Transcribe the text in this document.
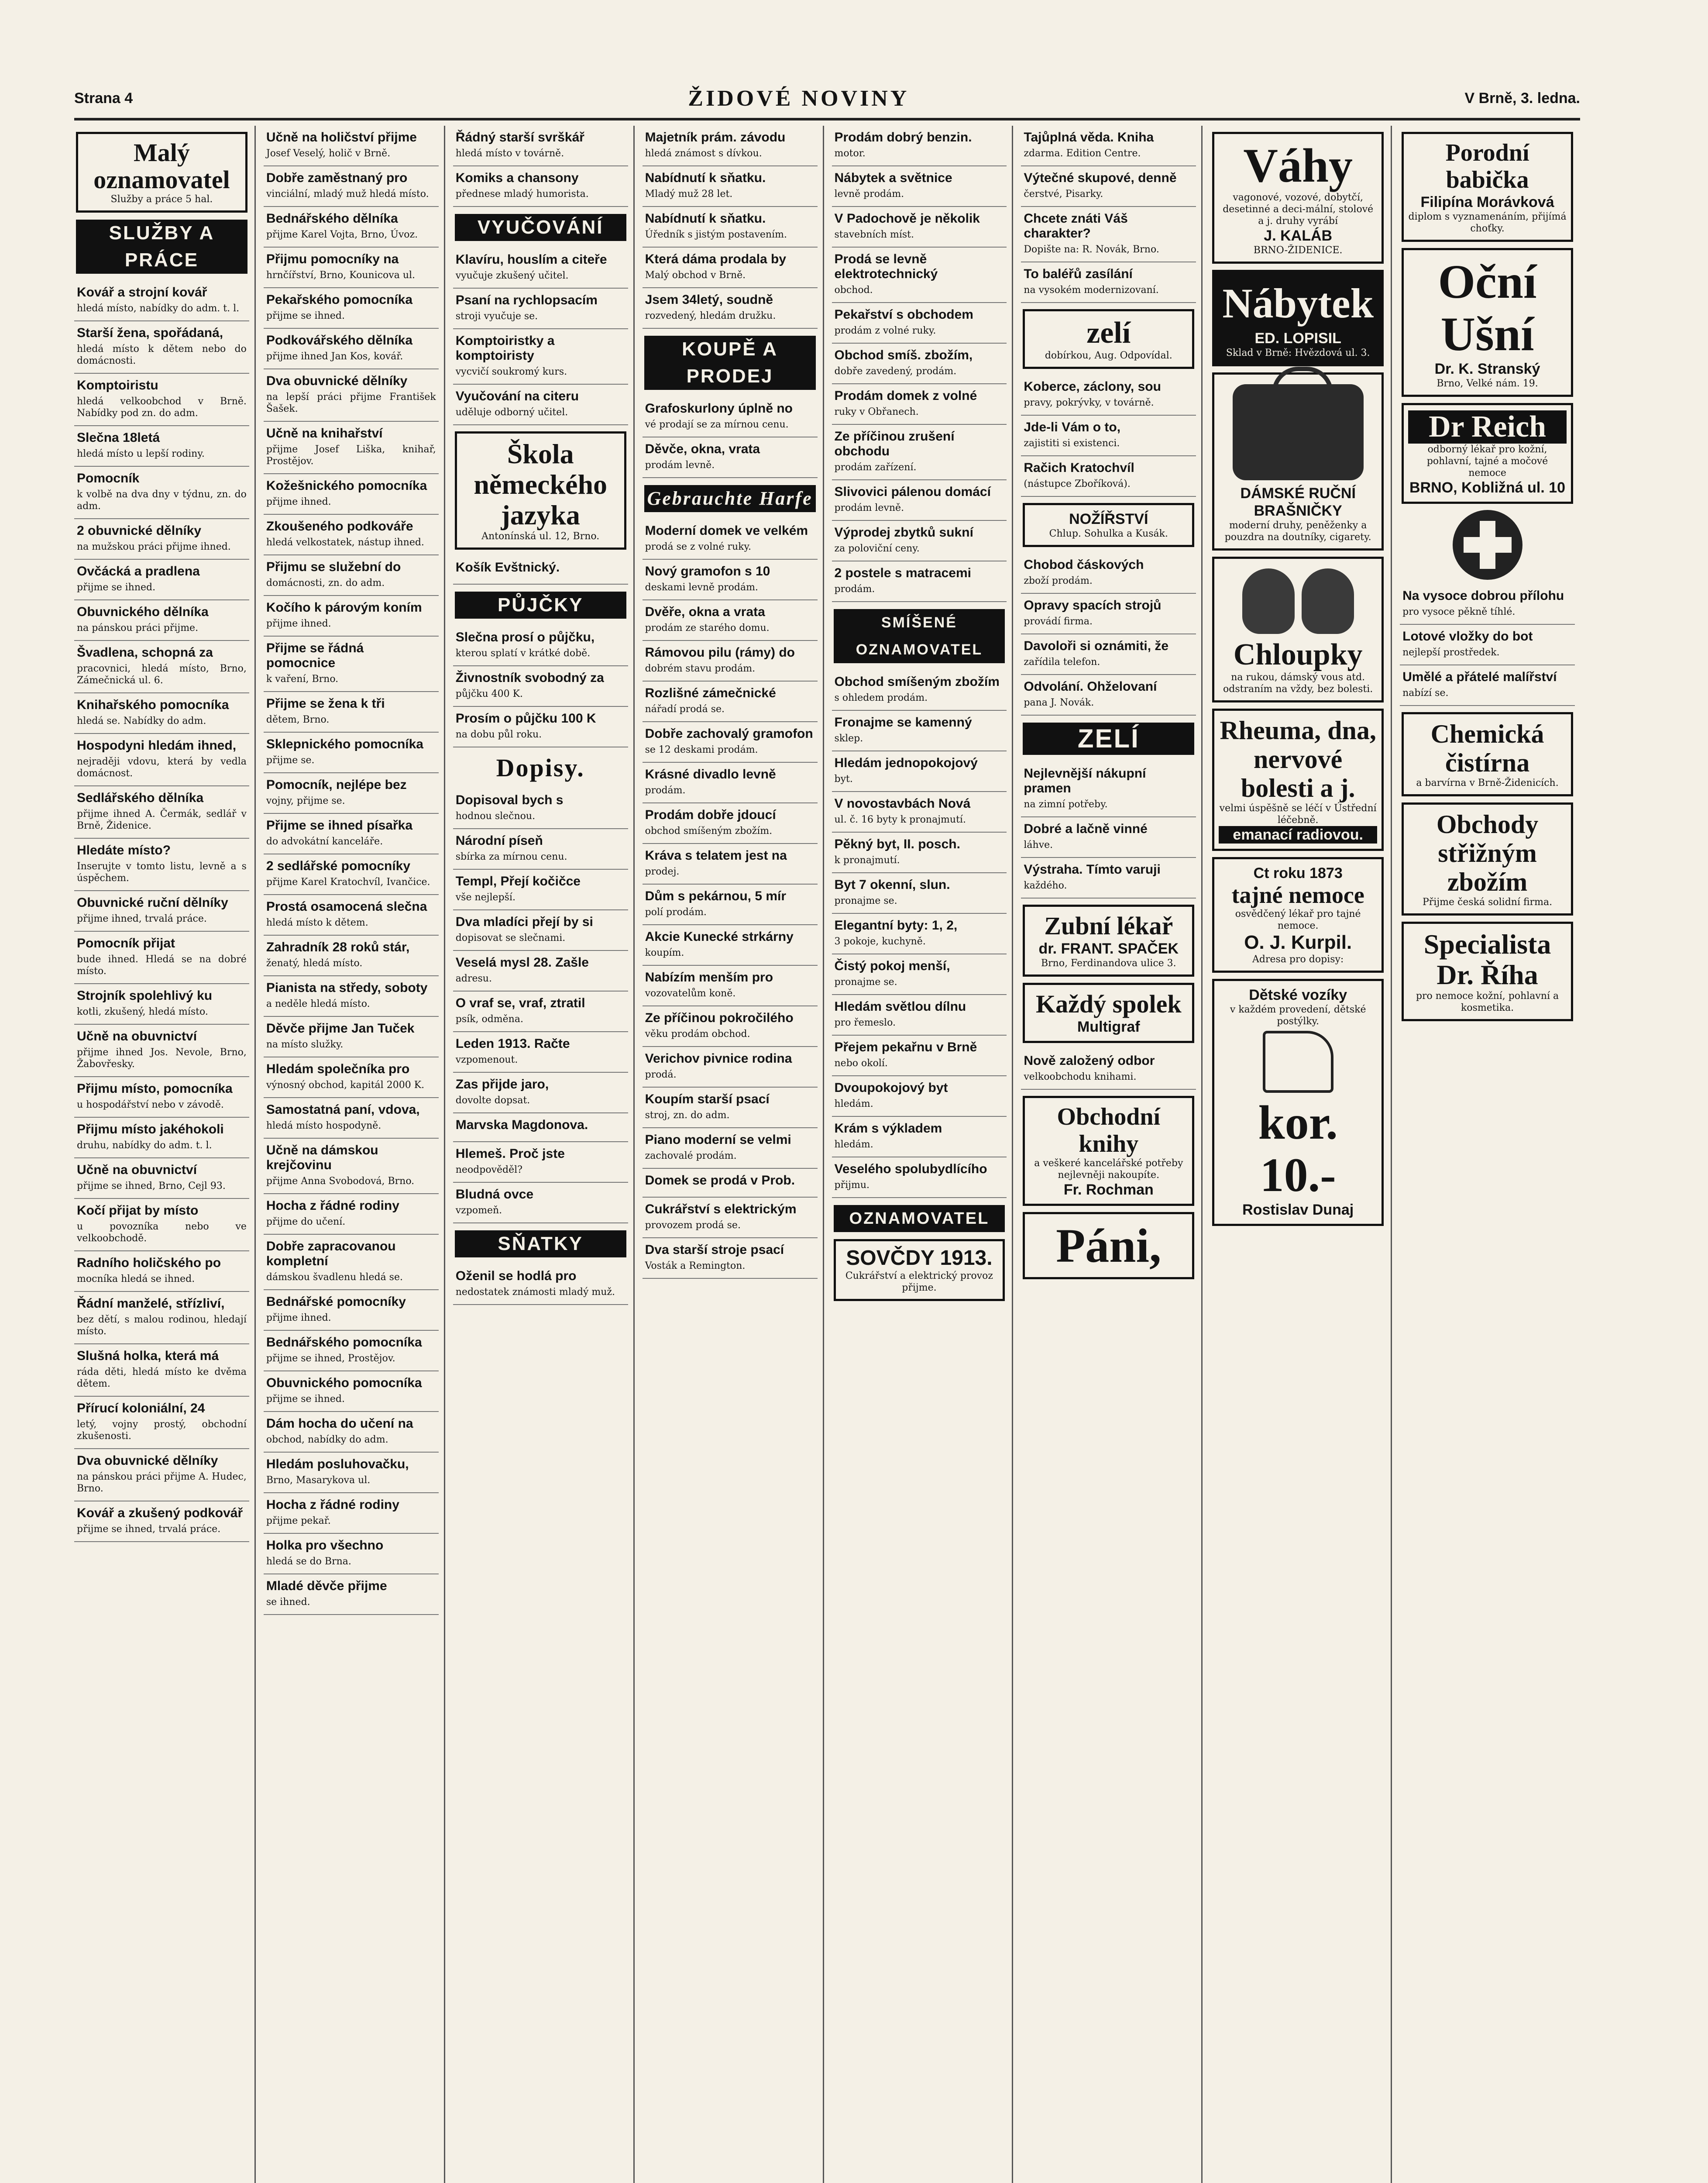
Strana 4	ŽIDOVÉ NOVINY	V Brně, 3. ledna.
Malý oznamovatel
Služby a práce 5 hal.
SLUŽBY A PRÁCE
Kovář a strojní kovář
hledá místo, nabídky do adm. t. l.
Starší žena, spořádaná,
hledá místo k dětem nebo do domácnosti.
Komptoiristu
hledá velkoobchod v Brně. Nabídky pod zn. do adm.
Slečna 18letá
hledá místo u lepší rodiny.
Pomocník
k volbě na dva dny v týdnu, zn. do adm.
2 obuvnické dělníky
na mužskou práci přijme ihned.
Ovčácká a pradlena
přijme se ihned.
Obuvnického dělníka
na pánskou práci přijme.
Švadlena, schopná za
pracovnici, hledá místo, Brno, Zámečnická ul. 6.
Knihařského pomocníka
hledá se. Nabídky do adm.
Hospodyni hledám ihned,
nejraději vdovu, která by vedla domácnost.
Sedlářského dělníka
přijme ihned A. Čermák, sedlář v Brně, Židenice.
Hledáte místo?
Inserujte v tomto listu, levně a s úspěchem.
Obuvnické ruční dělníky
přijme ihned, trvalá práce.
Pomocník přijat
bude ihned. Hledá se na dobré místo.
Strojník spolehlivý ku
kotli, zkušený, hledá místo.
Učně na obuvnictví
přijme ihned Jos. Nevole, Brno, Žabovřesky.
Přijmu místo, pomocníka
u hospodářství nebo v závodě.
Přijmu místo jakéhokoli
druhu, nabídky do adm. t. l.
Učně na obuvnictví
přijme se ihned, Brno, Cejl 93.
Kočí přijat by místo
u povozníka nebo ve velkoobchodě.
Radního holičského po
mocníka hledá se ihned.
Řádní manželé, střízliví,
bez dětí, s malou rodinou, hledají místo.
Slušná holka, která má
ráda děti, hledá místo ke dvěma dětem.
Přírucí koloniální, 24
letý, vojny prostý, obchodní zkušenosti.
Dva obuvnické dělníky
na pánskou práci přijme A. Hudec, Brno.
Kovář a zkušený podkovář
přijme se ihned, trvalá práce.
Učně na holičství přijme
Josef Veselý, holič v Brně.
Dobře zaměstnaný pro
vinciální, mladý muž hledá místo.
Bednářského dělníka
přijme Karel Vojta, Brno, Úvoz.
Přijmu pomocníky na
hrnčířství, Brno, Kounicova ul.
Pekařského pomocníka
přijme se ihned.
Podkovářského dělníka
přijme ihned Jan Kos, kovář.
Dva obuvnické dělníky
na lepší práci přijme František Šašek.
Učně na knihařství
přijme Josef Liška, knihař, Prostějov.
Kožešnického pomocníka
přijme ihned.
Zkoušeného podkováře
hledá velkostatek, nástup ihned.
Přijmu se služební do
domácnosti, zn. do adm.
Kočího k párovým koním
přijme ihned.
Přijme se řádná pomocnice
k vaření, Brno.
Přijme se žena k tři
dětem, Brno.
Sklepnického pomocníka
přijme se.
Pomocník, nejlépe bez
vojny, přijme se.
Přijme se ihned písařka
do advokátní kanceláře.
2 sedlářské pomocníky
přijme Karel Kratochvíl, Ivančice.
Prostá osamocená slečna
hledá místo k dětem.
Zahradník 28 roků stár,
ženatý, hledá místo.
Pianista na středy, soboty
a neděle hledá místo.
Děvče přijme Jan Tuček
na místo služky.
Hledám společníka pro
výnosný obchod, kapitál 2000 K.
Samostatná paní, vdova,
hledá místo hospodyně.
Učně na dámskou krejčovinu
přijme Anna Svobodová, Brno.
Hocha z řádné rodiny
přijme do učení.
Dobře zapracovanou kompletní
dámskou švadlenu hledá se.
Bednářské pomocníky
přijme ihned.
Bednářského pomocníka
přijme se ihned, Prostějov.
Obuvnického pomocníka
přijme se ihned.
Dám hocha do učení na
obchod, nabídky do adm.
Hledám posluhovačku,
Brno, Masarykova ul.
Hocha z řádné rodiny
přijme pekař.
Holka pro všechno
hledá se do Brna.
Mladé děvče přijme
se ihned.
Řádný starší svrškář
hledá místo v továrně.
Komiks a chansony
přednese mladý humorista.
VYUČOVÁNÍ
Klavíru, houslím a citeře
vyučuje zkušený učitel.
Psaní na rychlopsacím
stroji vyučuje se.
Komptoiristky a komptoiristy
vycvičí soukromý kurs.
Vyučování na citeru
uděluje odborný učitel.
Škola německého jazyka
Antonínská ul. 12, Brno.
Košík Evštnický.
PŮJČKY
Slečna prosí o půjčku,
kterou splatí v krátké době.
Živnostník svobodný za
půjčku 400 K.
Prosím o půjčku 100 K
na dobu půl roku.
Dopisy.
Dopisoval bych s
hodnou slečnou.
Národní píseň
sbírka za mírnou cenu.
Templ, Přejí kočičce
vše nejlepší.
Dva mladíci přejí by si
dopisovat se slečnami.
Veselá mysl 28. Zašle
adresu.
O vraf se, vraf, ztratil
psík, odměna.
Leden 1913. Račte
vzpomenout.
Zas přijde jaro,
dovolte dopsat.
Marvska Magdonova.
Hlemeš. Proč jste
neodpověděl?
Bludná ovce
vzpomeň.
SŇATKY
Oženil se hodlá pro
nedostatek známosti mladý muž.
Majetník prám. závodu
hledá známost s dívkou.
Nabídnutí k sňatku.
Mladý muž 28 let.
Nabídnutí k sňatku.
Úředník s jistým postavením.
Která dáma prodala by
Malý obchod v Brně.
Jsem 34letý, soudně
rozvedený, hledám družku.
KOUPĚ A PRODEJ
Grafoskurlony úplně no
vé prodají se za mírnou cenu.
Děvče, okna, vrata
prodám levně.
Gebrauchte Harfe
Moderní domek ve velkém
prodá se z volné ruky.
Nový gramofon s 10
deskami levně prodám.
Dvěře, okna a vrata
prodám ze starého domu.
Rámovou pilu (rámy) do
dobrém stavu prodám.
Rozlišné zámečnické
nářadí prodá se.
Dobře zachovalý gramofon
se 12 deskami prodám.
Krásné divadlo levně
prodám.
Prodám dobře jdoucí
obchod smíšeným zbožím.
Kráva s telatem jest na
prodej.
Dům s pekárnou, 5 mír
polí prodám.
Akcie Kunecké strkárny
koupím.
Nabízím menším pro
vozovatelům koně.
Ze příčinou pokročilého
věku prodám obchod.
Verichov pivnice rodina
prodá.
Koupím starší psací
stroj, zn. do adm.
Piano moderní se velmi
zachovalé prodám.
Domek se prodá v Prob.
Cukrářství s elektrickým
provozem prodá se.
Dva starší stroje psací
Vosták a Remington.
Prodám dobrý benzin.
motor.
Nábytek a světnice
levně prodám.
V Padochově je několik
stavebních míst.
Prodá se levně elektrotechnický
obchod.
Pekařství s obchodem
prodám z volné ruky.
Obchod smíš. zbožím,
dobře zavedený, prodám.
Prodám domek z volné
ruky v Obřanech.
Ze příčinou zrušení obchodu
prodám zařízení.
Slivovici pálenou domácí
prodám levně.
Výprodej zbytků sukní
za poloviční ceny.
2 postele s matracemi
prodám.
SMÍŠENÉ OZNAMOVATEL
Obchod smíšeným zbožím
s ohledem prodám.
Fronajme se kamenný
sklep.
Hledám jednopokojový
byt.
V novostavbách Nová
ul. č. 16 byty k pronajmutí.
Pěkný byt, II. posch.
k pronajmutí.
Byt 7 okenní, slun.
pronajme se.
Elegantní byty: 1, 2,
3 pokoje, kuchyně.
Čistý pokoj menší,
pronajme se.
Hledám světlou dílnu
pro řemeslo.
Přejem pekařnu v Brně
nebo okolí.
Dvoupokojový byt
hledám.
Krám s výkladem
hledám.
Veselého spolubydlícího
přijmu.
OZNAMOVATEL
SOVČDY 1913.
Cukrářství a elektrický provoz přijme.
Tajůplná věda. Kniha
zdarma. Edition Centre.
Výtečné skupové, denně
čerstvé, Pisarky.
Chcete znáti Váš charakter?
Dopište na: R. Novák, Brno.
To baléřů zasílání
na vysokém modernizovaní.
zelí
dobírkou, Aug. Odpovídal.
Koberce, záclony, sou
pravy, pokrývky, v továrně.
Jde-li Vám o to,
zajistiti si existenci.
Račich Kratochvíl
(nástupce Zboříková).
NOŽÍŘSTVÍ
Chlup. Sohulka a Kusák.
Chobod čáskových
zboží prodám.
Opravy spacích strojů
provádí firma.
Davoloři si oznámiti, že
zařídila telefon.
Odvolání. Ohželovaní
pana J. Novák.
ZELÍ
Nejlevnější nákupní pramen
na zimní potřeby.
Dobré a lačně vinné
láhve.
Výstraha. Tímto varuji
každého.
Zubní lékař
dr. FRANT. SPAČEK
Brno, Ferdinandova ulice 3.
Každý spolek
Multigraf
Nově založený odbor
velkoobchodu knihami.
Obchodní knihy
a veškeré kancelářské potřeby nejlevněji nakoupíte.
Fr. Rochman
Páni,
Váhy
vagonové, vozové, dobytčí, desetinné a deci-mální, stolové a j. druhy vyrábí
J. KALÁB
BRNO-ŽIDENICE.
Nábytek
ED. LOPISIL
Sklad v Brně: Hvězdová ul. 3.
DÁMSKÉ RUČNÍ BRAŠNIČKY
moderní druhy, peněženky a pouzdra na doutníky, cigarety.
Chloupky
na rukou, dámský vous atd. odstraním na vždy, bez bolesti.
Rheuma, dna, nervové bolesti a j.
velmi úspěšně se léčí v Ústřední léčebně.
emanací radiovou.
Ct roku 1873
tajné nemoce
osvědčený lékař pro tajné nemoce.
O. J. Kurpil.
Adresa pro dopisy:
Dětské vozíky
v každém provedení, dětské postýlky.
kor. 10.-
Rostislav Dunaj
Porodní babička
Filipína Morávková
diplom s vyznamenáním, přijímá choťky.
Oční Ušní
Dr. K. Stranský
Brno, Velké nám. 19.
Dr Reich
odborný lékař pro kožní, pohlavní, tajné a močové nemoce
BRNO, Kobližná ul. 10
Na vysoce dobrou přílohu
pro vysoce pěkně tíhlé.
Lotové vložky do bot
nejlepší prostředek.
Umělé a přátelé malířství
nabízí se.
Chemická čistírna
a barvírna v Brně-Židenicích.
Obchody střižným zbožím
Přijme česká solidní firma.
Specialista Dr. Říha
pro nemoce kožní, pohlavní a kosmetika.
